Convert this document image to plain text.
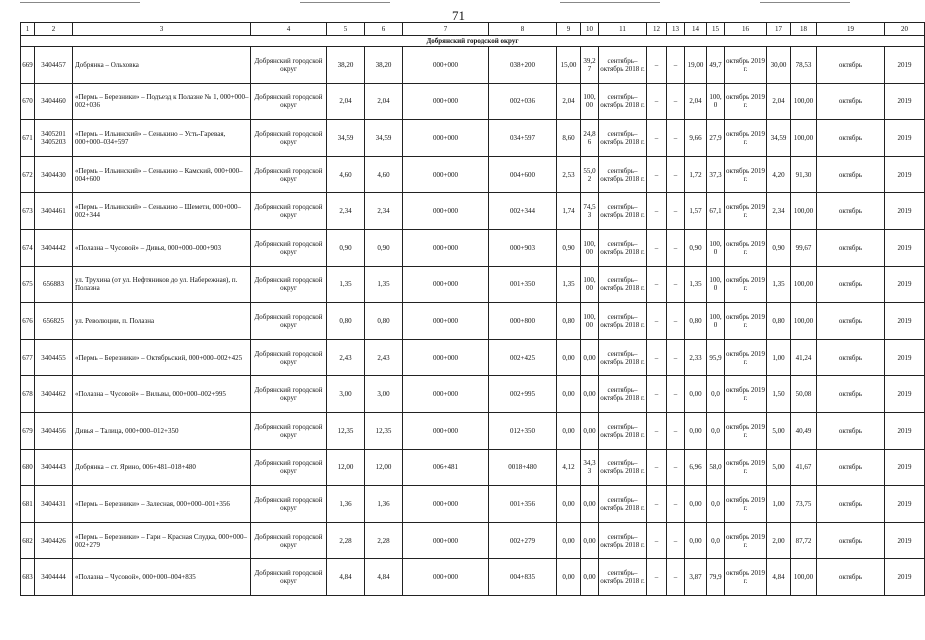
71
1	2	3	4	5	6	7	8	9	10	11	12	13	14	15	16	17	18	19	20
Добрянский городской округ																			
669	3404457	Добрянка – Ольховка	Добрянский городской округ	38,20	38,20	000+000	038+200	15,00	39,2 7	сентябрь–октябрь 2018 г.	–	–	19,00	49,7	октябрь 2019 г.	30,00	78,53	октябрь	2019
670	3404460	«Пермь – Березники» – Подъезд к Полазне № 1, 000+000–002+036	Добрянский городской округ	2,04	2,04	000+000	002+036	2,04	100, 00	сентябрь–октябрь 2018 г.	–	–	2,04	100, 0	октябрь 2019 г.	2,04	100,00	октябрь	2019
671	3405201 3405203	«Пермь – Ильинский» – Сенькино – Усть-Гаревая, 000+000–034+597	Добрянский городской округ	34,59	34,59	000+000	034+597	8,60	24,8 6	сентябрь–октябрь 2018 г.	–	–	9,66	27,9	октябрь 2019 г.	34,59	100,00	октябрь	2019
672	3404430	«Пермь – Ильинский» – Сенькино – Камский, 000+000–004+600	Добрянский городской округ	4,60	4,60	000+000	004+600	2,53	55,0 2	сентябрь–октябрь 2018 г.	–	–	1,72	37,3	октябрь 2019 г.	4,20	91,30	октябрь	2019
673	3404461	«Пермь – Ильинский» – Сенькино – Шемети, 000+000–002+344	Добрянский городской округ	2,34	2,34	000+000	002+344	1,74	74,5 3	сентябрь–октябрь 2018 г.	–	–	1,57	67,1	октябрь 2019 г.	2,34	100,00	октябрь	2019
674	3404442	«Полазна – Чусовой» – Дивья, 000+000–000+903	Добрянский городской округ	0,90	0,90	000+000	000+903	0,90	100, 00	сентябрь–октябрь 2018 г.	–	–	0,90	100, 0	октябрь 2019 г.	0,90	99,67	октябрь	2019
675	656883	ул. Трухина (от ул. Нефтяников до ул. Набережная), п. Полазна	Добрянский городской округ	1,35	1,35	000+000	001+350	1,35	100, 00	сентябрь–октябрь 2018 г.	–	–	1,35	100, 0	октябрь 2019 г.	1,35	100,00	октябрь	2019
676	656825	ул. Революции, п. Полазна	Добрянский городской округ	0,80	0,80	000+000	000+800	0,80	100, 00	сентябрь–октябрь 2018 г.	–	–	0,80	100, 0	октябрь 2019 г.	0,80	100,00	октябрь	2019
677	3404455	«Пермь – Березники» – Октябрьский, 000+000–002+425	Добрянский городской округ	2,43	2,43	000+000	002+425	0,00	0,00	сентябрь–октябрь 2018 г.	–	–	2,33	95,9	октябрь 2019 г.	1,00	41,24	октябрь	2019
678	3404462	«Полазна – Чусовой» – Вильвы, 000+000–002+995	Добрянский городской округ	3,00	3,00	000+000	002+995	0,00	0,00	сентябрь–октябрь 2018 г.	–	–	0,00	0,0	октябрь 2019 г.	1,50	50,08	октябрь	2019
679	3404456	Дивья – Талица, 000+000–012+350	Добрянский городской округ	12,35	12,35	000+000	012+350	0,00	0,00	сентябрь–октябрь 2018 г.	–	–	0,00	0,0	октябрь 2019 г.	5,00	40,49	октябрь	2019
680	3404443	Добрянка – ст. Ярино, 006+481–018+480	Добрянский городской округ	12,00	12,00	006+481	0018+480	4,12	34,3 3	сентябрь–октябрь 2018 г.	–	–	6,96	58,0	октябрь 2019 г.	5,00	41,67	октябрь	2019
681	3404431	«Пермь – Березники» – Залесная, 000+000–001+356	Добрянский городской округ	1,36	1,36	000+000	001+356	0,00	0,00	сентябрь–октябрь 2018 г.	–	–	0,00	0,0	октябрь 2019 г.	1,00	73,75	октябрь	2019
682	3404426	«Пермь – Березники» – Гари – Красная Слудка, 000+000–002+279	Добрянский городской округ	2,28	2,28	000+000	002+279	0,00	0,00	сентябрь–октябрь 2018 г.	–	–	0,00	0,0	октябрь 2019 г.	2,00	87,72	октябрь	2019
683	3404444	«Полазна – Чусовой», 000+000–004+835	Добрянский городской округ	4,84	4,84	000+000	004+835	0,00	0,00	сентябрь–октябрь 2018 г.	–	–	3,87	79,9	октябрь 2019 г.	4,84	100,00	октябрь	2019
